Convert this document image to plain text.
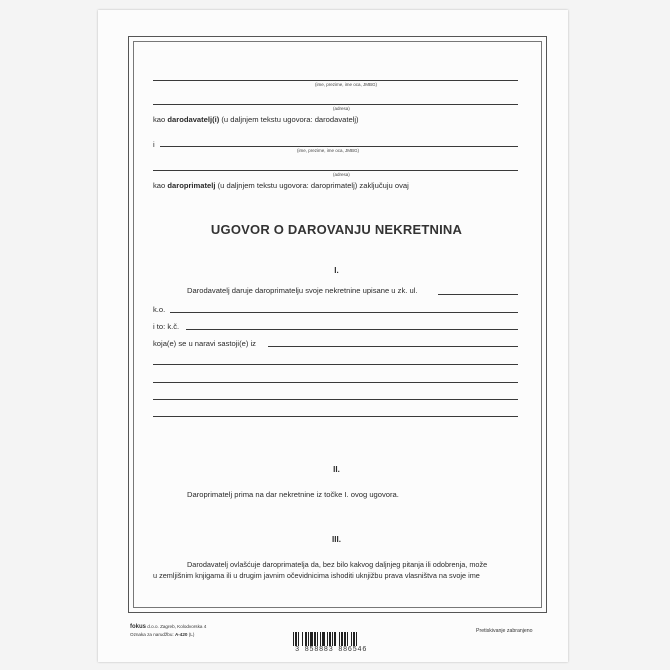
(ime, prezime, ime oca, JMBG)
(adresa)
kao darodavatelj(i) (u daljnjem tekstu ugovora: darodavatelj)
i
(ime, prezime, ime oca, JMBG)
(adresa)
kao daroprimatelj (u daljnjem tekstu ugovora: daroprimatelj) zaključuju ovaj
UGOVOR O DAROVANJU NEKRETNINA
I.
Darodavatelj daruje daroprimatelju svoje nekretnine upisane u zk. ul.
k.o.
i to: k.č.
koja(e) se u naravi sastoji(e) iz
II.
Daroprimatelj prima na dar nekretnine iz točke I. ovog ugovora.
III.
Darodavatelj ovlašćuje daroprimatelja da, bez bilo kakvog daljnjeg pitanja ili odobrenja, može
u zemljišnim knjigama ili u drugim javnim očevidnicima ishoditi uknjižbu prava vlasništva na svoje ime
fokus d.o.o. Zagreb, Kolodvorska 4
Oznaka za narudžbu: A-420 (L)
Pretiskivanje zabranjeno
3 858883 886546
